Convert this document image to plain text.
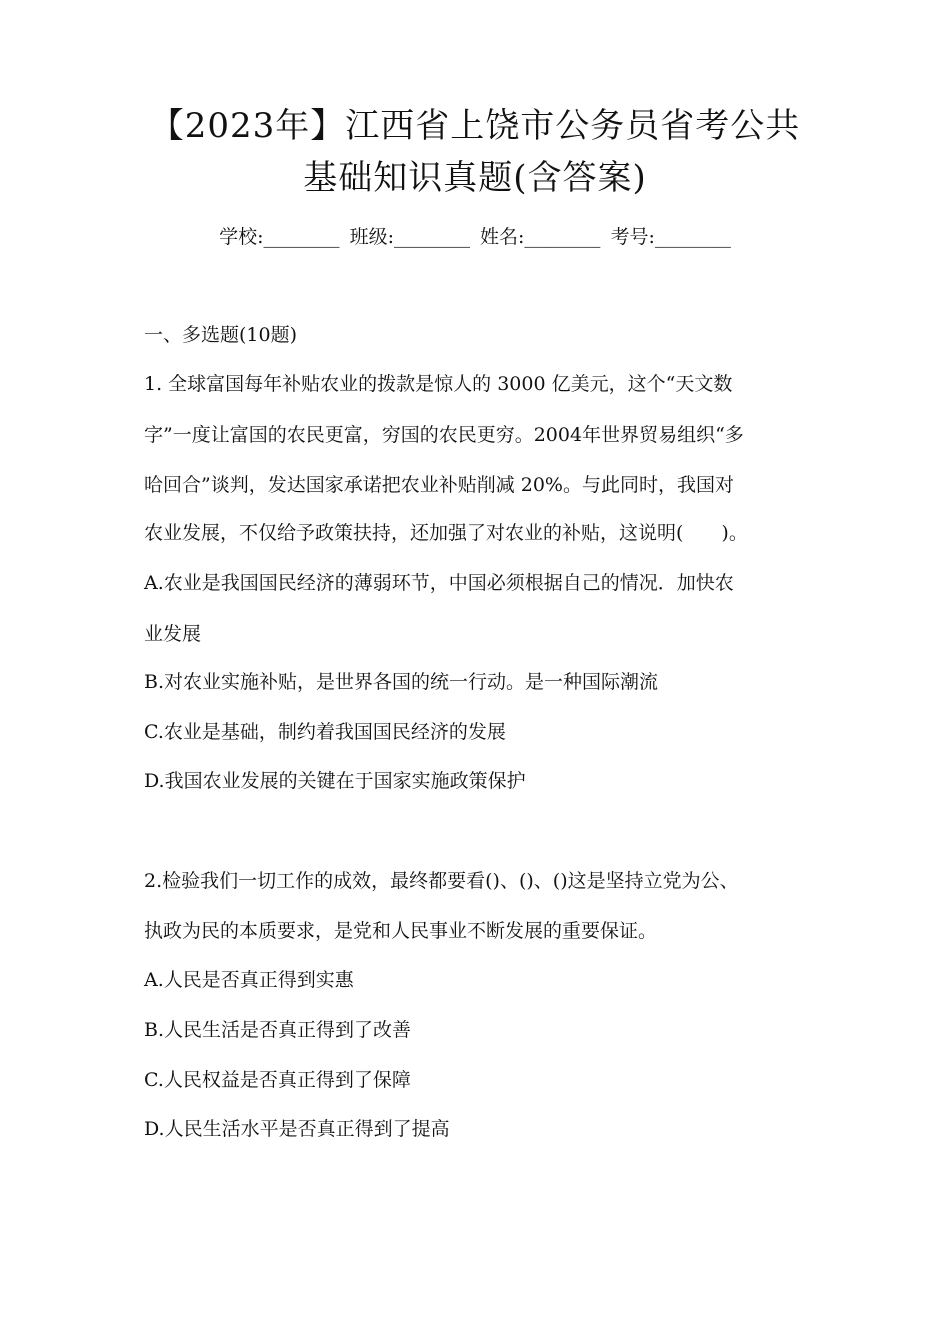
【2023年】江西省上饶市公务员省考公共
基础知识真题(含答案)
学校:________ 班级:________ 姓名:________ 考号:________
一、多选题(10题)
1. 全球富国每年补贴农业的拨款是惊人的 3000 亿美元，这个“天文数
字”一度让富国的农民更富，穷国的农民更穷。2004年世界贸易组织“多
哈回合”谈判，发达国家承诺把农业补贴削减 20%。与此同时，我国对
农业发展，不仅给予政策扶持，还加强了对农业的补贴，这说明(　　)。
A.农业是我国国民经济的薄弱环节，中国必须根据自己的情况．加快农
业发展
B.对农业实施补贴，是世界各国的统一行动。是一种国际潮流
C.农业是基础，制约着我国国民经济的发展
D.我国农业发展的关键在于国家实施政策保护
2.检验我们一切工作的成效，最终都要看()、()、()这是坚持立党为公、
执政为民的本质要求，是党和人民事业不断发展的重要保证。
A.人民是否真正得到实惠
B.人民生活是否真正得到了改善
C.人民权益是否真正得到了保障
D.人民生活水平是否真正得到了提高
